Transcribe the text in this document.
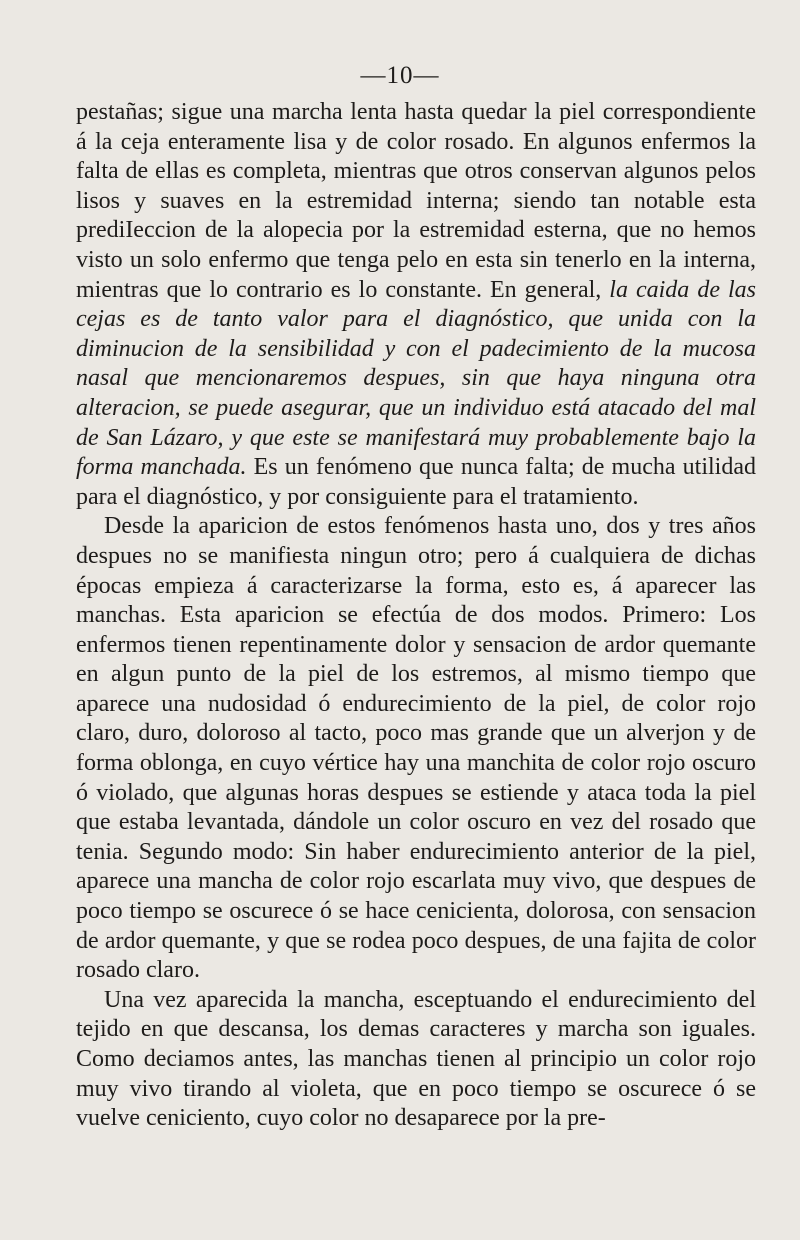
—10—

pestañas; sigue una marcha lenta hasta quedar la piel correspondiente á la ceja enteramente lisa y de color rosado. En algunos enfermos la falta de ellas es completa, mientras que otros conservan algunos pelos lisos y suaves en la estremidad interna; siendo tan notable esta prediIeccion de la alopecia por la estremidad esterna, que no hemos visto un solo enfermo que tenga pelo en esta sin tenerlo en la interna, mientras que lo contrario es lo constante. En general, la caida de las cejas es de tanto valor para el diagnóstico, que unida con la diminucion de la sensibilidad y con el padecimiento de la mucosa nasal que mencionaremos despues, sin que haya ninguna otra alteracion, se puede asegurar, que un individuo está atacado del mal de San Lázaro, y que este se manifestará muy probablemente bajo la forma manchada. Es un fenómeno que nunca falta; de mucha utilidad para el diagnóstico, y por consiguiente para el tratamiento.

Desde la aparicion de estos fenómenos hasta uno, dos y tres años despues no se manifiesta ningun otro; pero á cualquiera de dichas épocas empieza á caracterizarse la forma, esto es, á aparecer las manchas. Esta aparicion se efectúa de dos modos. Primero: Los enfermos tienen repentinamente dolor y sensacion de ardor quemante en algun punto de la piel de los estremos, al mismo tiempo que aparece una nudosidad ó endurecimiento de la piel, de color rojo claro, duro, doloroso al tacto, poco mas grande que un alverjon y de forma oblonga, en cuyo vértice hay una manchita de color rojo oscuro ó violado, que algunas horas despues se estiende y ataca toda la piel que estaba levantada, dándole un color oscuro en vez del rosado que tenia. Segundo modo: Sin haber endurecimiento anterior de la piel, aparece una mancha de color rojo escarlata muy vivo, que despues de poco tiempo se oscurece ó se hace cenicienta, dolorosa, con sensacion de ardor quemante, y que se rodea poco despues, de una fajita de color rosado claro.

Una vez aparecida la mancha, esceptuando el endurecimiento del tejido en que descansa, los demas caracteres y marcha son iguales. Como deciamos antes, las manchas tienen al principio un color rojo muy vivo tirando al violeta, que en poco tiempo se oscurece ó se vuelve ceniciento, cuyo color no desaparece por la pre-
